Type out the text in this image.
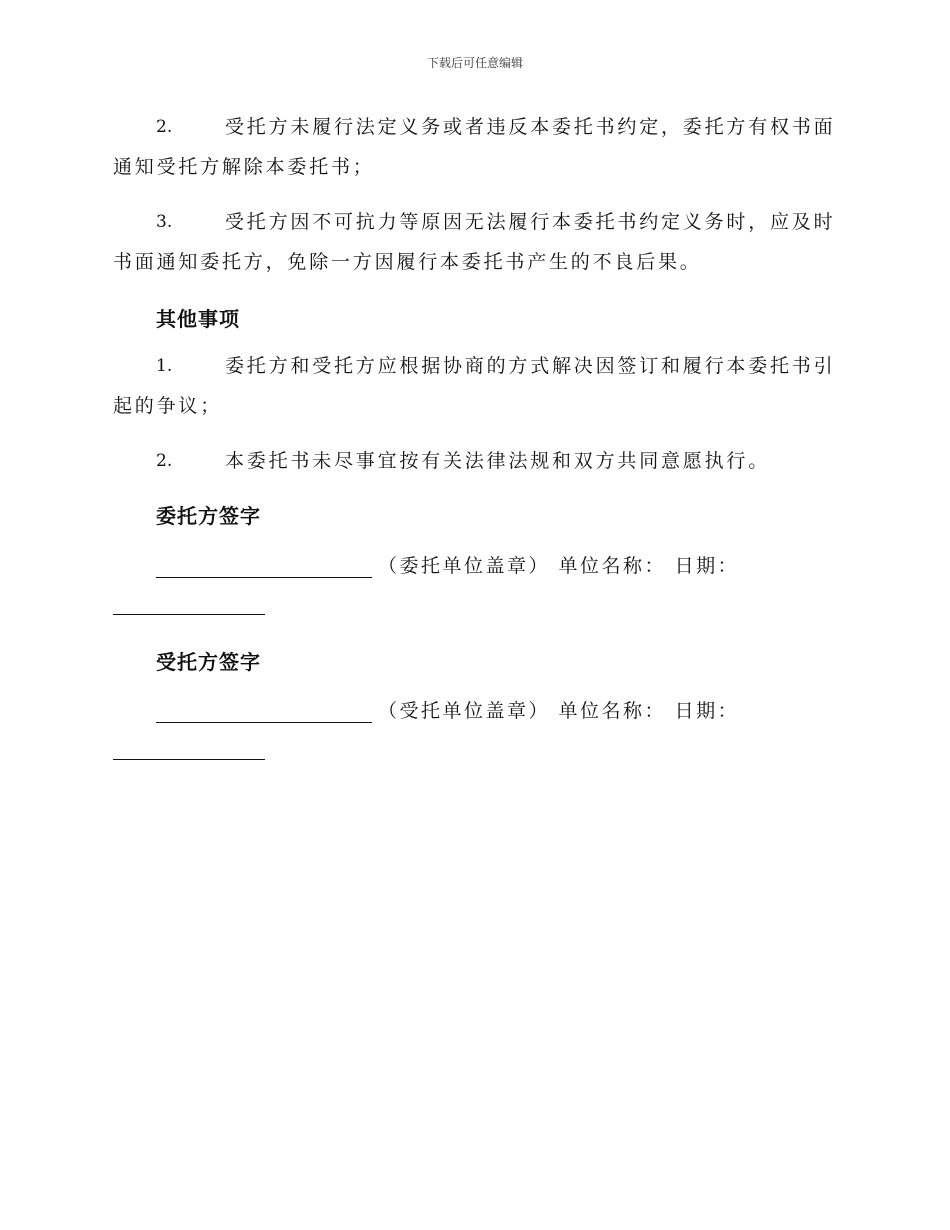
下载后可任意编辑
2.	受托方未履行法定义务或者违反本委托书约定，委托方有权书面
通知受托方解除本委托书；
3.	受托方因不可抗力等原因无法履行本委托书约定义务时，应及时
书面通知委托方，免除一方因履行本委托书产生的不良后果。
其他事项
1.	委托方和受托方应根据协商的方式解决因签订和履行本委托书引
起的争议；
2.	本委托书未尽事宜按有关法律法规和双方共同意愿执行。
委托方签字
（委托单位盖章） 单位名称： 日期：
受托方签字
（受托单位盖章） 单位名称： 日期：
